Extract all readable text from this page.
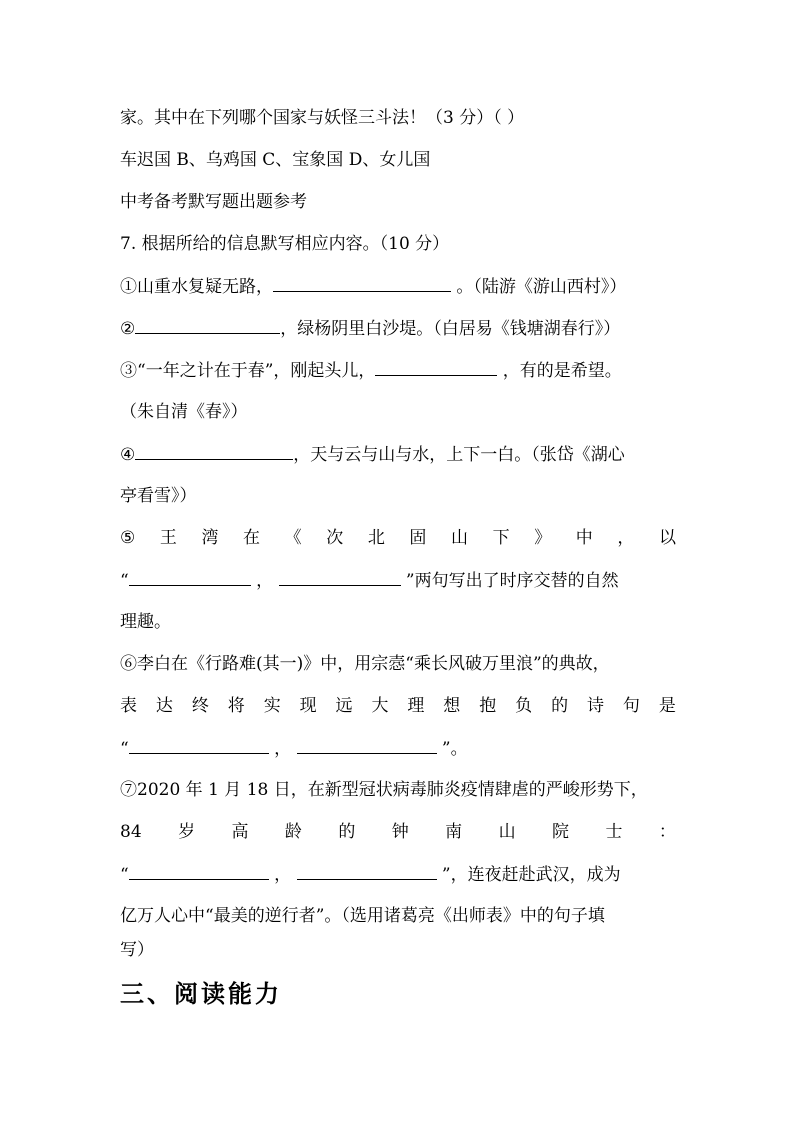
家。其中在下列哪个国家与妖怪三斗法！（3 分）（ ）
车迟国 B、乌鸡国 C、宝象国 D、女儿国
中考备考默写题出题参考
7. 根据所给的信息默写相应内容。（10 分）
①山重水复疑无路，	。（陆游《游山西村》）
②	，绿杨阴里白沙堤。（白居易《钱塘湖春行》）
③“一年之计在于春”，刚起头儿，	，有的是希望。
（朱自清《春》）
④	，天与云与山与水，上下一白。（张岱《湖心
亭看雪》）
⑤ 王 湾 在 《 次 北 固 山 下 》 中 ， 以
“	，	”两句写出了时序交替的自然
理趣。
⑥李白在《行路难(其一)》中，用宗悫“乘长风破万里浪”的典故，
表 达 终 将 实 现 远 大 理 想 抱 负 的 诗 句 是
“	，	”。
⑦2020 年 1 月 18 日，在新型冠状病毒肺炎疫情肆虐的严峻形势下，
84 岁 高 龄 的 钟 南 山 院 士 ：
“	，	”，连夜赶赴武汉，成为
亿万人心中“最美的逆行者”。（选用诸葛亮《出师表》中的句子填
写）
三、阅读能力
